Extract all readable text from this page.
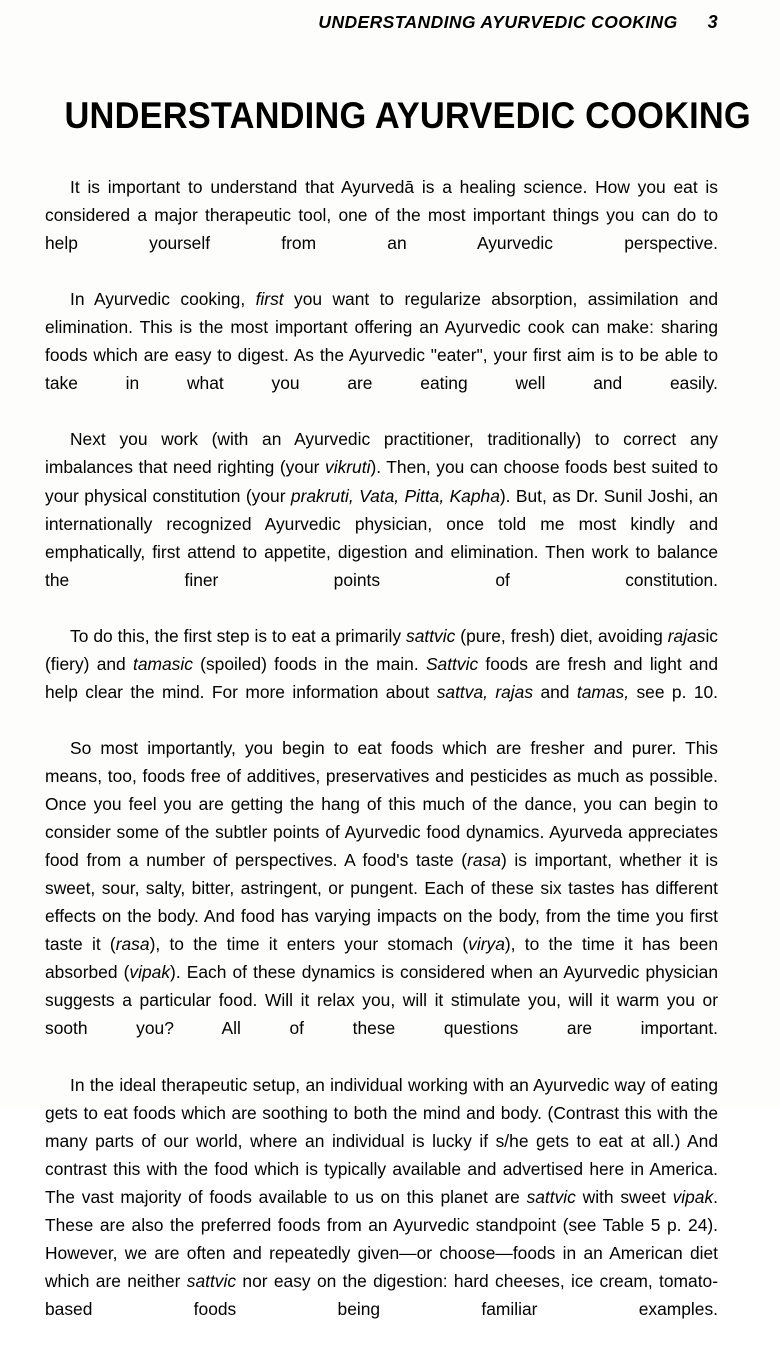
UNDERSTANDING AYURVEDIC COOKING 3
UNDERSTANDING AYURVEDIC COOKING

It is important to understand that Ayurvedā is a healing science. How you eat is considered a major therapeutic tool, one of the most important things you can do to help yourself from an Ayurvedic perspective.

In Ayurvedic cooking, first you want to regularize absorption, assimilation and elimination. This is the most important offering an Ayurvedic cook can make: sharing foods which are easy to digest. As the Ayurvedic "eater", your first aim is to be able to take in what you are eating well and easily.

Next you work (with an Ayurvedic practitioner, traditionally) to correct any imbalances that need righting (your vikruti). Then, you can choose foods best suited to your physical constitution (your prakruti, Vata, Pitta, Kapha). But, as Dr. Sunil Joshi, an internationally recognized Ayurvedic physician, once told me most kindly and emphatically, first attend to appetite, digestion and elimination. Then work to balance the finer points of constitution.

To do this, the first step is to eat a primarily sattvic (pure, fresh) diet, avoiding rajasic (fiery) and tamasic (spoiled) foods in the main. Sattvic foods are fresh and light and help clear the mind. For more information about sattva, rajas and tamas, see p. 10.

So most importantly, you begin to eat foods which are fresher and purer. This means, too, foods free of additives, preservatives and pesticides as much as possible. Once you feel you are getting the hang of this much of the dance, you can begin to consider some of the subtler points of Ayurvedic food dynamics. Ayurveda appreciates food from a number of perspectives. A food's taste (rasa) is important, whether it is sweet, sour, salty, bitter, astringent, or pungent. Each of these six tastes has different effects on the body. And food has varying impacts on the body, from the time you first taste it (rasa), to the time it enters your stomach (virya), to the time it has been absorbed (vipak). Each of these dynamics is considered when an Ayurvedic physician suggests a particular food. Will it relax you, will it stimulate you, will it warm you or sooth you? All of these questions are important.

In the ideal therapeutic setup, an individual working with an Ayurvedic way of eating gets to eat foods which are soothing to both the mind and body. (Contrast this with the many parts of our world, where an individual is lucky if s/he gets to eat at all.) And contrast this with the food which is typically available and advertised here in America. The vast majority of foods available to us on this planet are sattvic with sweet vipak. These are also the preferred foods from an Ayurvedic standpoint (see Table 5 p. 24). However, we are often and repeatedly given—or choose—foods in an American diet which are neither sattvic nor easy on the digestion: hard cheeses, ice cream, tomato-based foods being familiar examples.
